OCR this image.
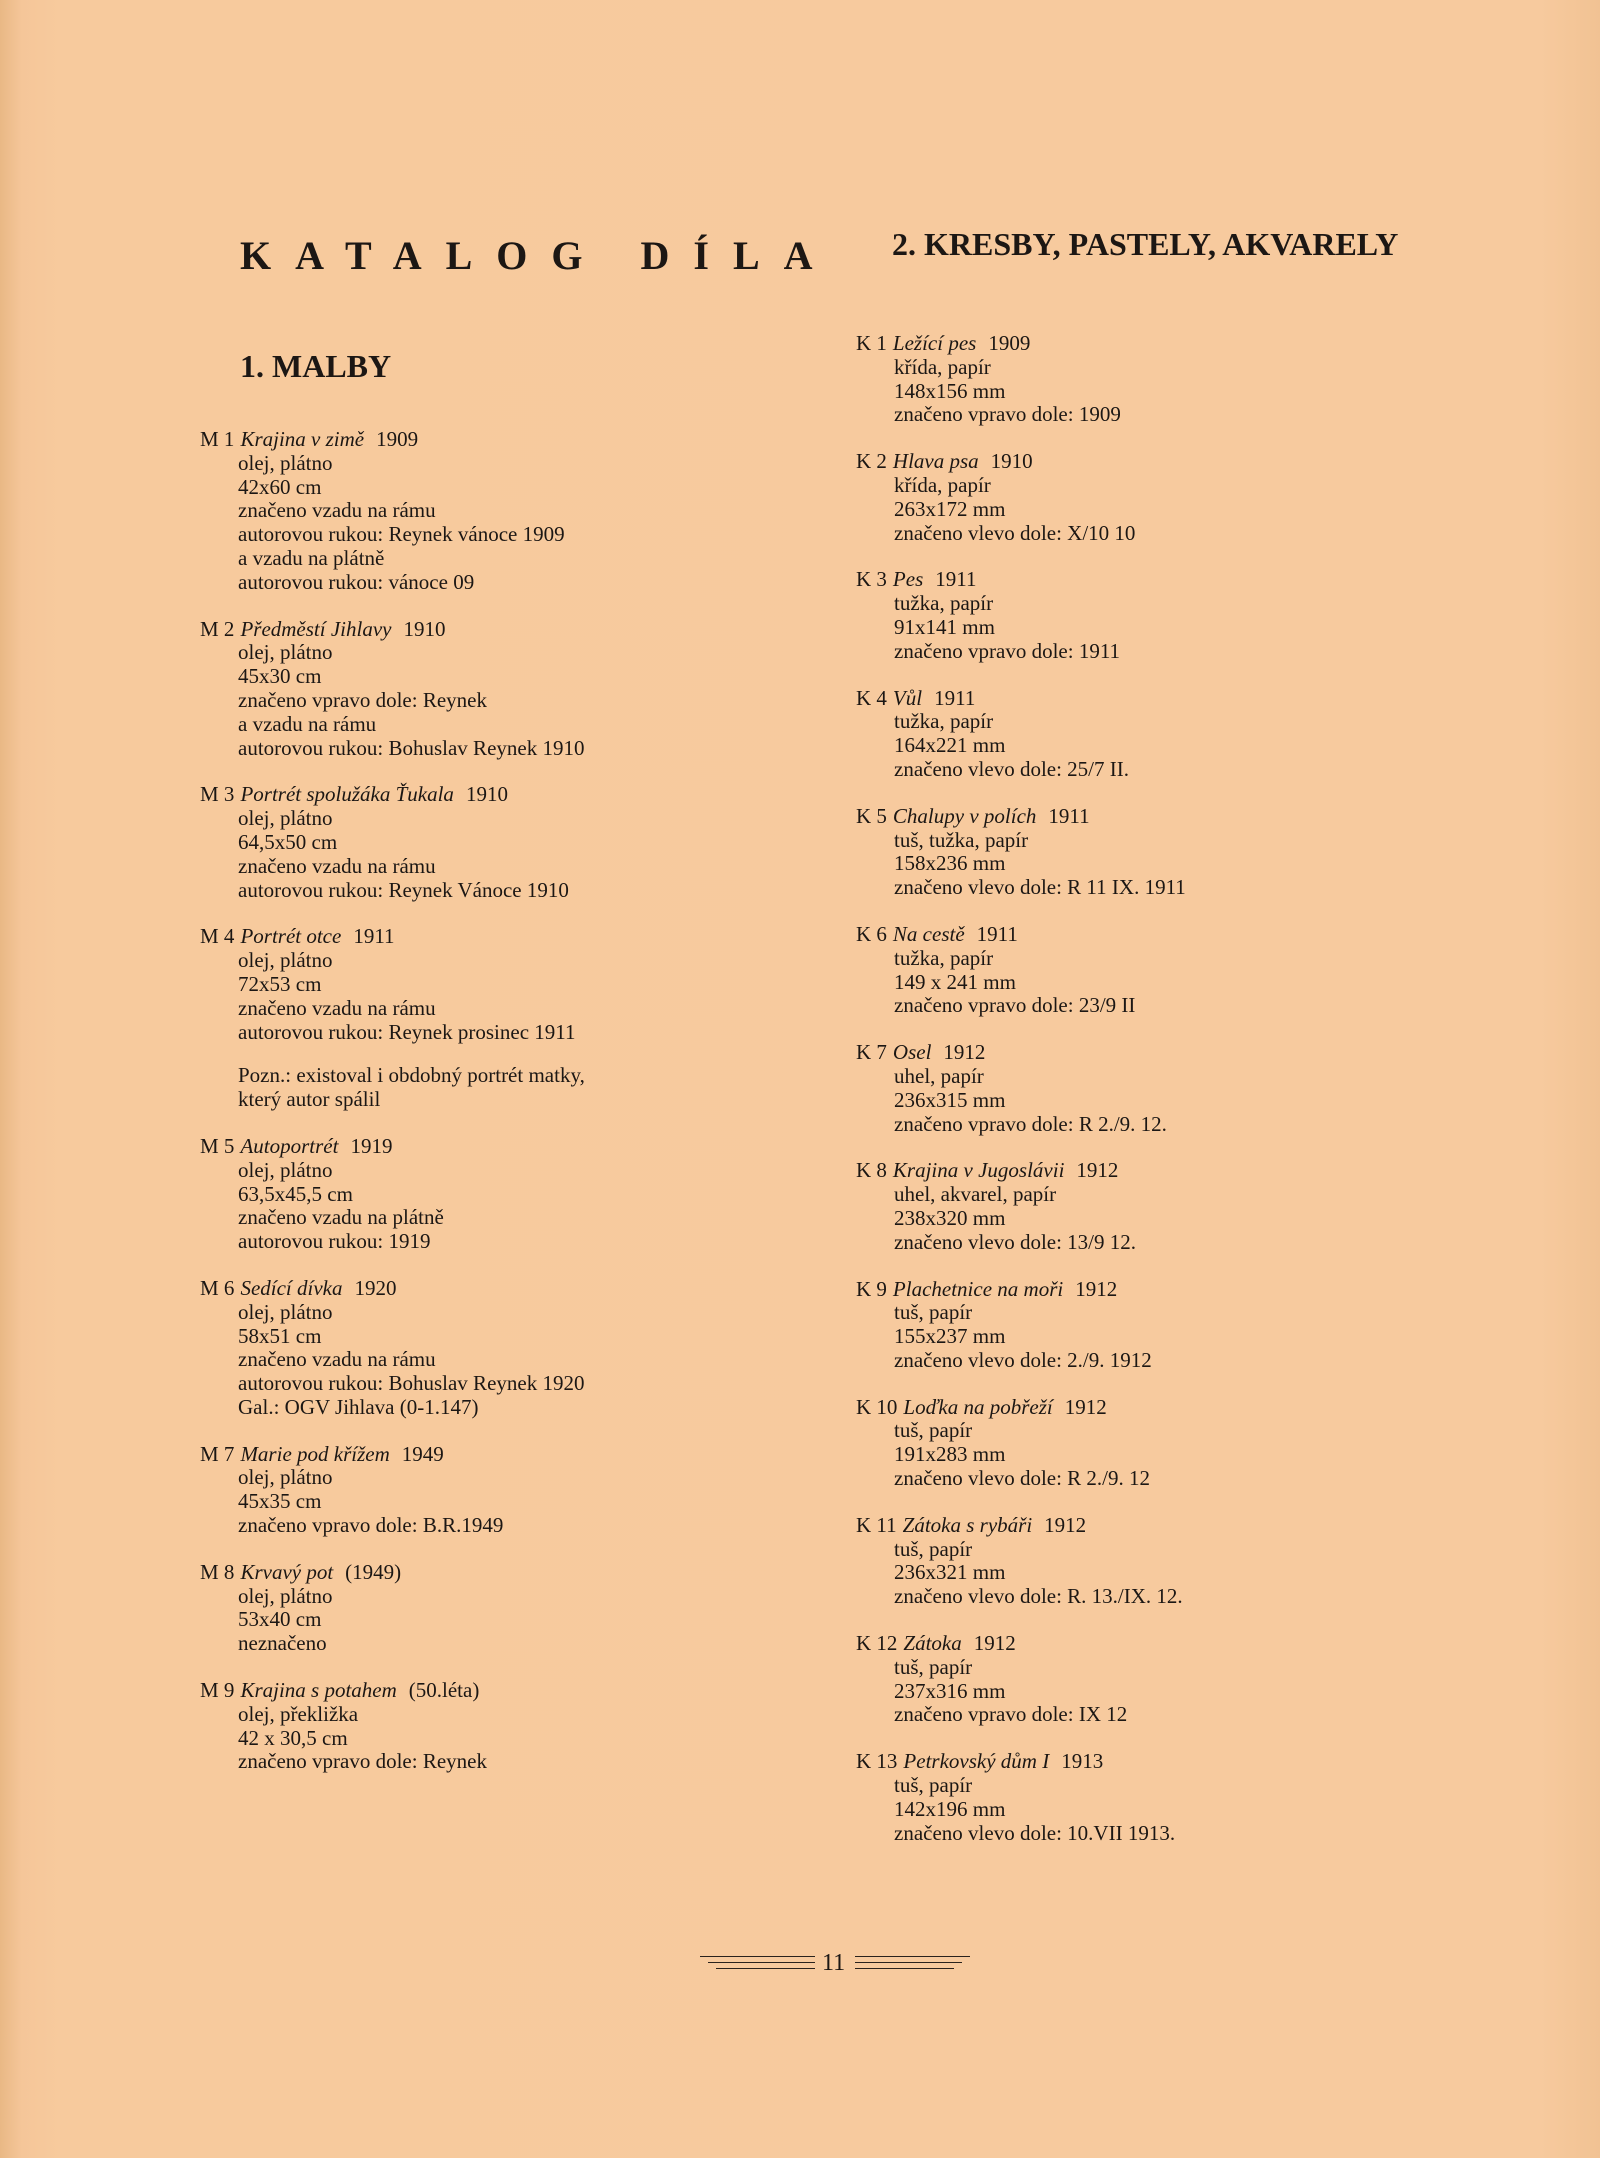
KATALOG DÍLA 2. KRESBY, PASTELY, AKVARELY
1. MALBY
M 1 Krajina v zimě 1909
olej, plátno
42x60 cm
značeno vzadu na rámu
autorovou rukou: Reynek vánoce 1909
a vzadu na plátně
autorovou rukou: vánoce 09
M 2 Předměstí Jihlavy 1910
olej, plátno
45x30 cm
značeno vpravo dole: Reynek
a vzadu na rámu
autorovou rukou: Bohuslav Reynek 1910
M 3 Portrét spolužáka Ťukala 1910
olej, plátno
64,5x50 cm
značeno vzadu na rámu
autorovou rukou: Reynek Vánoce 1910
M 4 Portrét otce 1911
olej, plátno
72x53 cm
značeno vzadu na rámu
autorovou rukou: Reynek prosinec 1911
Pozn.: existoval i obdobný portrét matky,
který autor spálil
M 5 Autoportrét 1919
olej, plátno
63,5x45,5 cm
značeno vzadu na plátně
autorovou rukou: 1919
M 6 Sedící dívka 1920
olej, plátno
58x51 cm
značeno vzadu na rámu
autorovou rukou: Bohuslav Reynek 1920
Gal.: OGV Jihlava (0-1.147)
M 7 Marie pod křížem 1949
olej, plátno
45x35 cm
značeno vpravo dole: B.R.1949
M 8 Krvavý pot (1949)
olej, plátno
53x40 cm
neznačeno
M 9 Krajina s potahem (50.léta)
olej, překližka
42 x 30,5 cm
značeno vpravo dole: Reynek
K 1 Ležící pes 1909
křída, papír
148x156 mm
značeno vpravo dole: 1909
K 2 Hlava psa 1910
křída, papír
263x172 mm
značeno vlevo dole: X/10 10
K 3 Pes 1911
tužka, papír
91x141 mm
značeno vpravo dole: 1911
K 4 Vůl 1911
tužka, papír
164x221 mm
značeno vlevo dole: 25/7 II.
K 5 Chalupy v polích 1911
tuš, tužka, papír
158x236 mm
značeno vlevo dole: R 11 IX. 1911
K 6 Na cestě 1911
tužka, papír
149 x 241 mm
značeno vpravo dole: 23/9 II
K 7 Osel 1912
uhel, papír
236x315 mm
značeno vpravo dole: R 2./9. 12.
K 8 Krajina v Jugoslávii 1912
uhel, akvarel, papír
238x320 mm
značeno vlevo dole: 13/9 12.
K 9 Plachetnice na moři 1912
tuš, papír
155x237 mm
značeno vlevo dole: 2./9. 1912
K 10 Loďka na pobřeží 1912
tuš, papír
191x283 mm
značeno vlevo dole: R 2./9. 12
K 11 Zátoka s rybáři 1912
tuš, papír
236x321 mm
značeno vlevo dole: R. 13./IX. 12.
K 12 Zátoka 1912
tuš, papír
237x316 mm
značeno vpravo dole: IX 12
K 13 Petrkovský dům I 1913
tuš, papír
142x196 mm
značeno vlevo dole: 10.VII 1913.
11
